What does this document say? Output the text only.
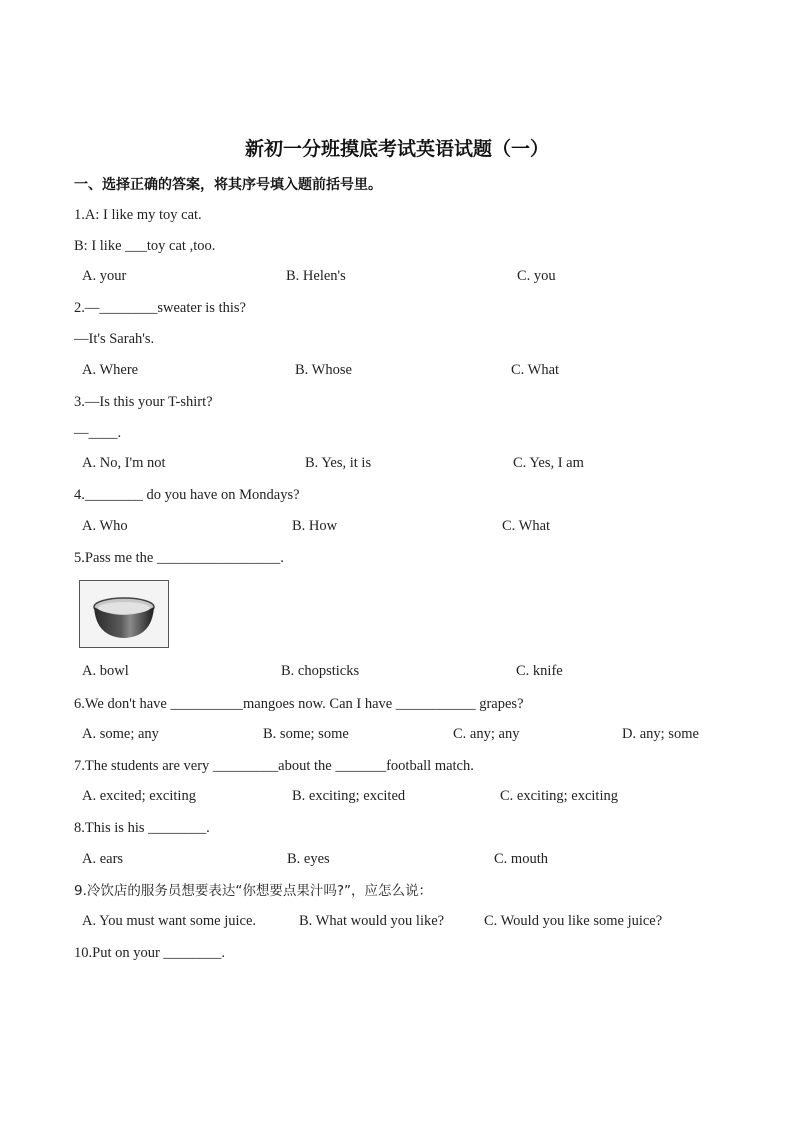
新初一分班摸底考试英语试题（一）
一、选择正确的答案，将其序号填入题前括号里。
1.A: I like my toy cat.
B: I like ___toy cat ,too.
A. your	B. Helen's	C. you
2.—________sweater is this?
—It's Sarah's.
A. Where	B. Whose	C. What
3.—Is this your T-shirt?
—____.
A. No, I'm not	B. Yes, it is	C. Yes, I am
4.________ do you have on Mondays?
A. Who	B. How	C. What
5.Pass me the _________________.
A. bowl	B. chopsticks	C. knife
6.We don't have __________mangoes now. Can I have ___________ grapes?
A. some; any	B. some; some	C. any; any	D. any; some
7.The students are very _________about the _______football match.
A. excited; exciting	B. exciting; excited	C. exciting; exciting
8.This is his ________.
A. ears	B. eyes	C. mouth
9.冷饮店的服务员想要表达“你想要点果汁吗?”，应怎么说：
A. You must want some juice.	B. What would you like?	C. Would you like some juice?
10.Put on your ________.
